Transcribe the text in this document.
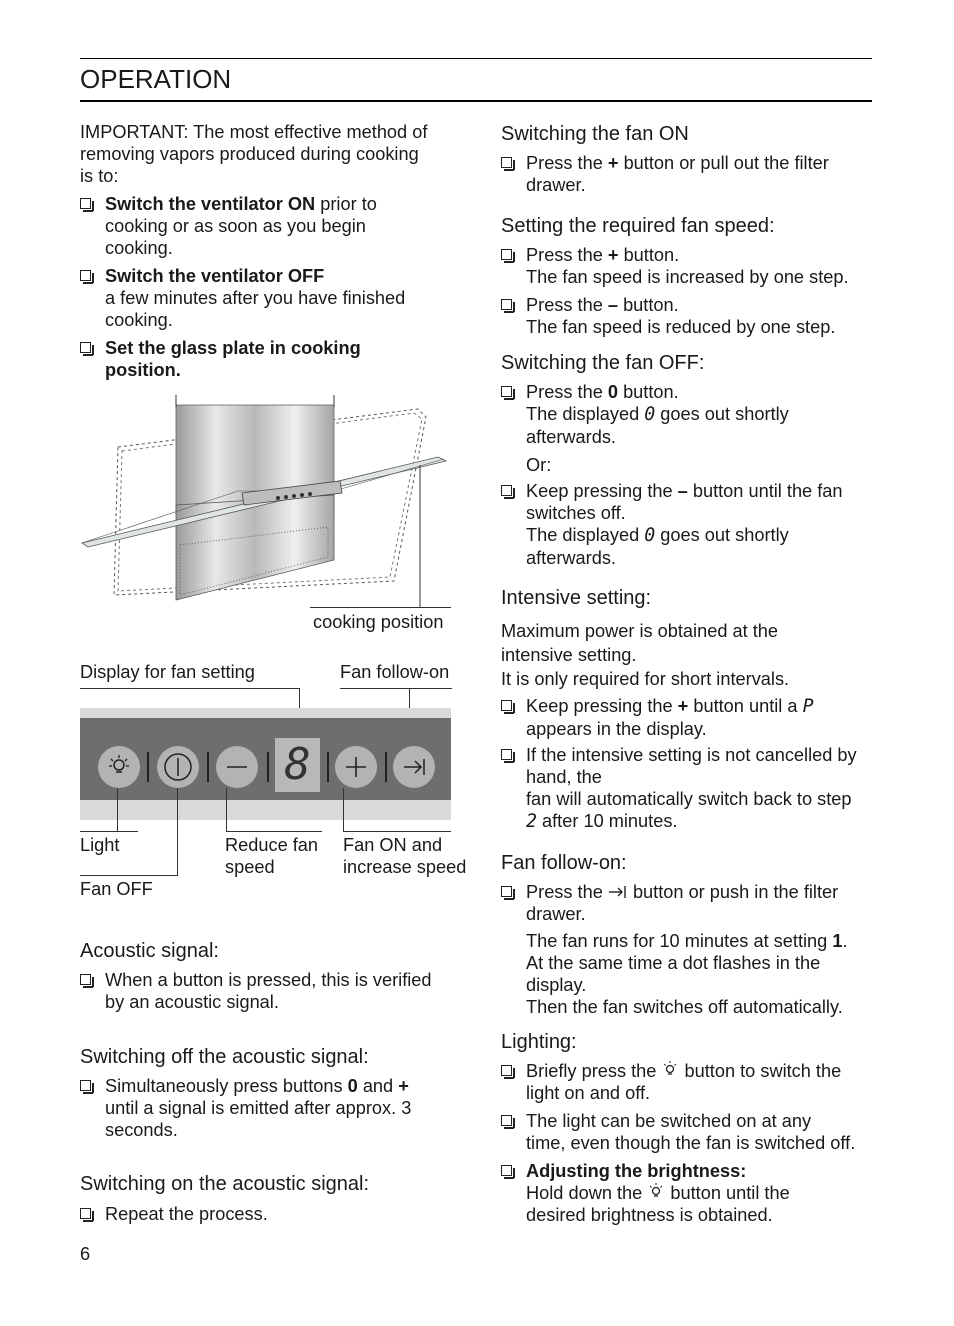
OPERATION
IMPORTANT: The most effective method of
removing vapors produced during cooking
is to:
Switch the ventilator ON prior to
cooking or as soon as you begin
cooking.
Switch the ventilator OFF
a few minutes after you have finished
cooking.
Set the glass plate in cooking
position.
cooking position
Display for fan setting	Fan follow-on
8
Light
Fan OFF
Reduce fan
speed
Fan ON and
increase speed
Acoustic signal:
When a button is pressed, this is verified
by an acoustic signal.
Switching off the acoustic signal:
Simultaneously press buttons 0 and +
until a signal is emitted after approx. 3
seconds.
Switching on the acoustic signal:
Repeat the process.
6
Switching the fan ON
Press the + button or pull out the filter
drawer.
Setting the required fan speed:
Press the + button.
The fan speed is increased by one step.
Press the – button.
The fan speed is reduced by one step.
Switching the fan OFF:
Press the 0 button.
The displayed 0 goes out shortly
afterwards.
Or:
Keep pressing the – button until the fan
switches off.
The displayed 0 goes out shortly
afterwards.
Intensive setting:
Maximum power is obtained at the
intensive setting.
It is only required for short intervals.
Keep pressing the + button until a P
appears in the display.
If the intensive setting is not cancelled by
hand, the
fan will automatically switch back to step
2 after 10 minutes.
Fan follow-on:
Press the  button or push in the filter
drawer.
The fan runs for 10 minutes at setting 1.
At the same time a dot flashes in the
display.
Then the fan switches off automatically.
Lighting:
Briefly press the  button to switch the
light on and off.
The light can be switched on at any
time, even though the fan is switched off.
Adjusting the brightness:
Hold down the  button until the
desired brightness is obtained.
